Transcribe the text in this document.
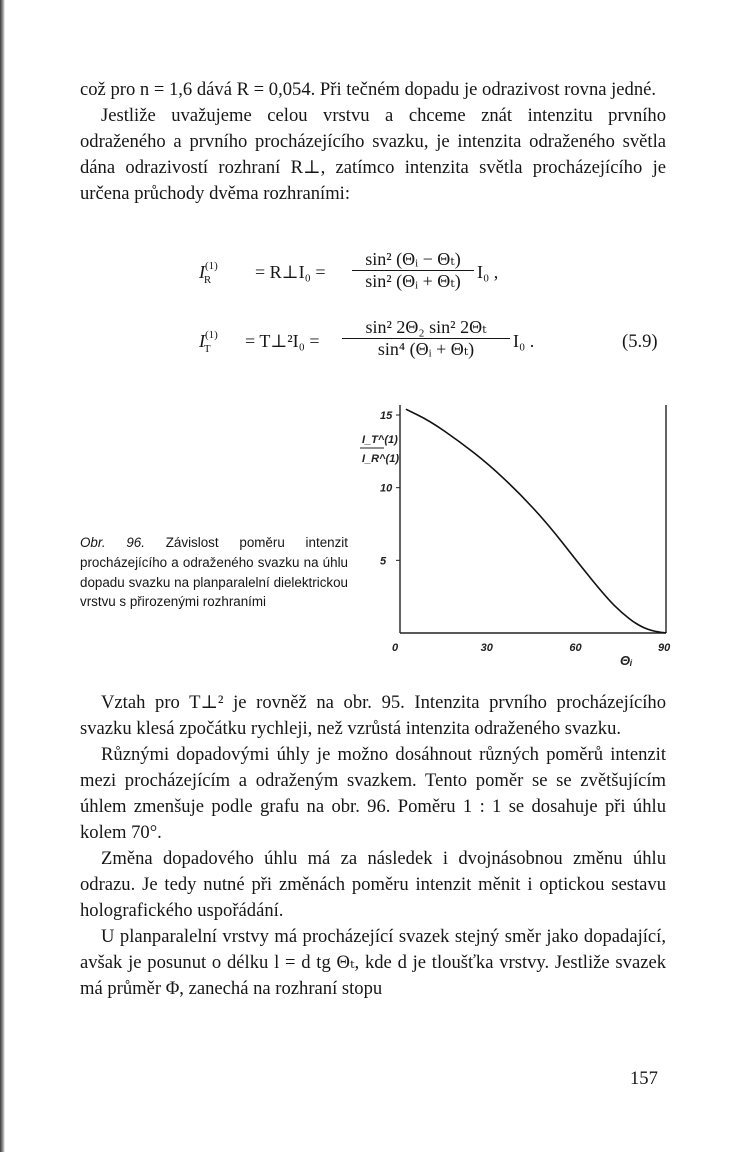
což pro n = 1,6 dává R = 0,054. Při tečném dopadu je odrazivost rovna jedné.

Jestliže uvažujeme celou vrstvu a chceme znát intenzitu prvního odraženého a prvního procházejícího svazku, je intenzita odraženého světla dána odrazivostí rozhraní R⊥, zatímco intenzita světla procházejícího je určena průchody dvěma rozhraními:

$I^{(1)}_R$	= R⊥I₀ =
sin² (Θᵢ − Θₜ)
sin² (Θᵢ + Θₜ) I₀ ,
$I^{(1)}_T$	= T⊥²I₀ =
sin² 2Θ₂ sin² 2Θₜ
sin⁴ (Θᵢ + Θₜ)	I₀ .	(5.9)
Obr. 96. Závislost poměru intenzit procházejícího a odraženého svazku na úhlu dopadu svazku na planparalelní dielektrickou vrstvu s přirozenými rozhraními
I_T^(1)
I_R^(1)
Θᵢ
0	30	60	90
5
10
15

Vztah pro T⊥² je rovněž na obr. 95. Intenzita prvního procházejícího svazku klesá zpočátku rychleji, než vzrůstá intenzita odraženého svazku.

Různými dopadovými úhly je možno dosáhnout různých poměrů intenzit mezi procházejícím a odraženým svazkem. Tento poměr se se zvětšujícím úhlem zmenšuje podle grafu na obr. 96. Poměru 1 : 1 se dosahuje při úhlu kolem 70°.

Změna dopadového úhlu má za následek i dvojnásobnou změnu úhlu odrazu. Je tedy nutné při změnách poměru intenzit měnit i optickou sestavu holografického uspořádání.

U planparalelní vrstvy má procházející svazek stejný směr jako dopadající, avšak je posunut o délku l = d tg Θₜ, kde d je tloušťka vrstvy. Jestliže svazek má průměr Φ, zanechá na rozhraní stopu

157
